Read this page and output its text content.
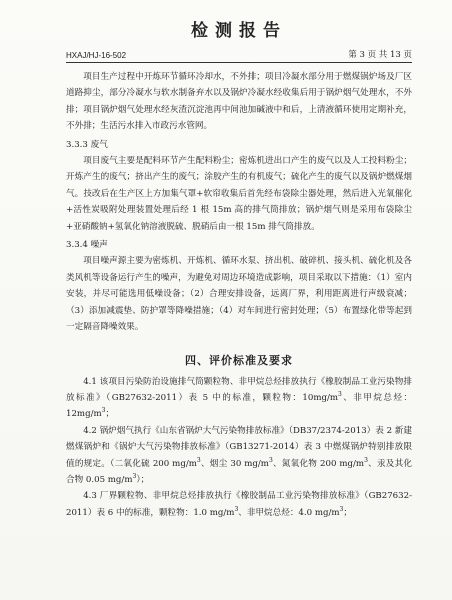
检测报告
HXAJ/HJ-16-502	第 3 页 共 13 页

项目生产过程中开炼环节循环冷却水，不外排；项目冷凝水部分用于燃煤锅炉场及厂区道路抑尘，部分冷凝水与软水制备弃水以及锅炉冷凝水经收集后用于锅炉烟气处理水，不外排；项目锅炉烟气处理水经灰渣沉淀池再中间池加碱液中和后，上清液循环使用定期补充，不外排；生活污水排入市政污水管网。

3.3.3 废气

项目废气主要是配料环节产生配料粉尘；密炼机进出口产生的废气以及人工投料粉尘；开炼产生的废气；挤出产生的废气；涂胶产生的有机废气；硫化产生的废气以及锅炉燃煤烟气。技改后在生产区上方加集气罩+软帘收集后首先经布袋除尘器处理，然后进入光氧催化+活性炭吸附处理装置处理后经 1 根 15m 高的排气筒排放；锅炉烟气则是采用布袋除尘+亚硝酸钠+氢氧化钠溶液脱硫、脱硝后由一根 15m 排气筒排放。

3.3.4 噪声

项目噪声源主要为密炼机、开炼机、循环水泵、挤出机、破碎机、接头机、硫化机及各类风机等设备运行产生的噪声，为避免对周边环境造成影响，项目采取以下措施：（1）室内安装，并尽可能选用低噪设备；（2）合理安排设备，远离厂界，利用距离进行声级衰减；（3）添加减震垫、防护罩等降噪措施；（4）对车间进行密封处理；（5）布置绿化带等起到一定隔音降噪效果。

四、评价标准及要求

4.1 该项目污染防治设施排气筒颗粒物、非甲烷总烃排放执行《橡胶制品工业污染物排放标准》（GB27632-2011）表 5 中的标准，颗粒物：$10mg/m^3$、非甲烷总烃：$12mg/m^3$；

4.2 锅炉烟气执行《山东省锅炉大气污染物排放标准》（DB37/2374-2013）表 2 新建燃煤锅炉和《锅炉大气污染物排放标准》（GB13271-2014）表 3 中燃煤锅炉特别排放限值的规定。（二氧化硫 200 $mg/m^3$、烟尘 30 $mg/m^3$、氮氧化物 200 $mg/m^3$、汞及其化合物 0.05 $mg/m^3$）；

4.3 厂界颗粒物、非甲烷总烃排放执行《橡胶制品工业污染物排放标准》（GB27632-2011）表 6 中的标准，颗粒物：1.0 $mg/m^3$、非甲烷总烃：4.0 $mg/m^3$；
